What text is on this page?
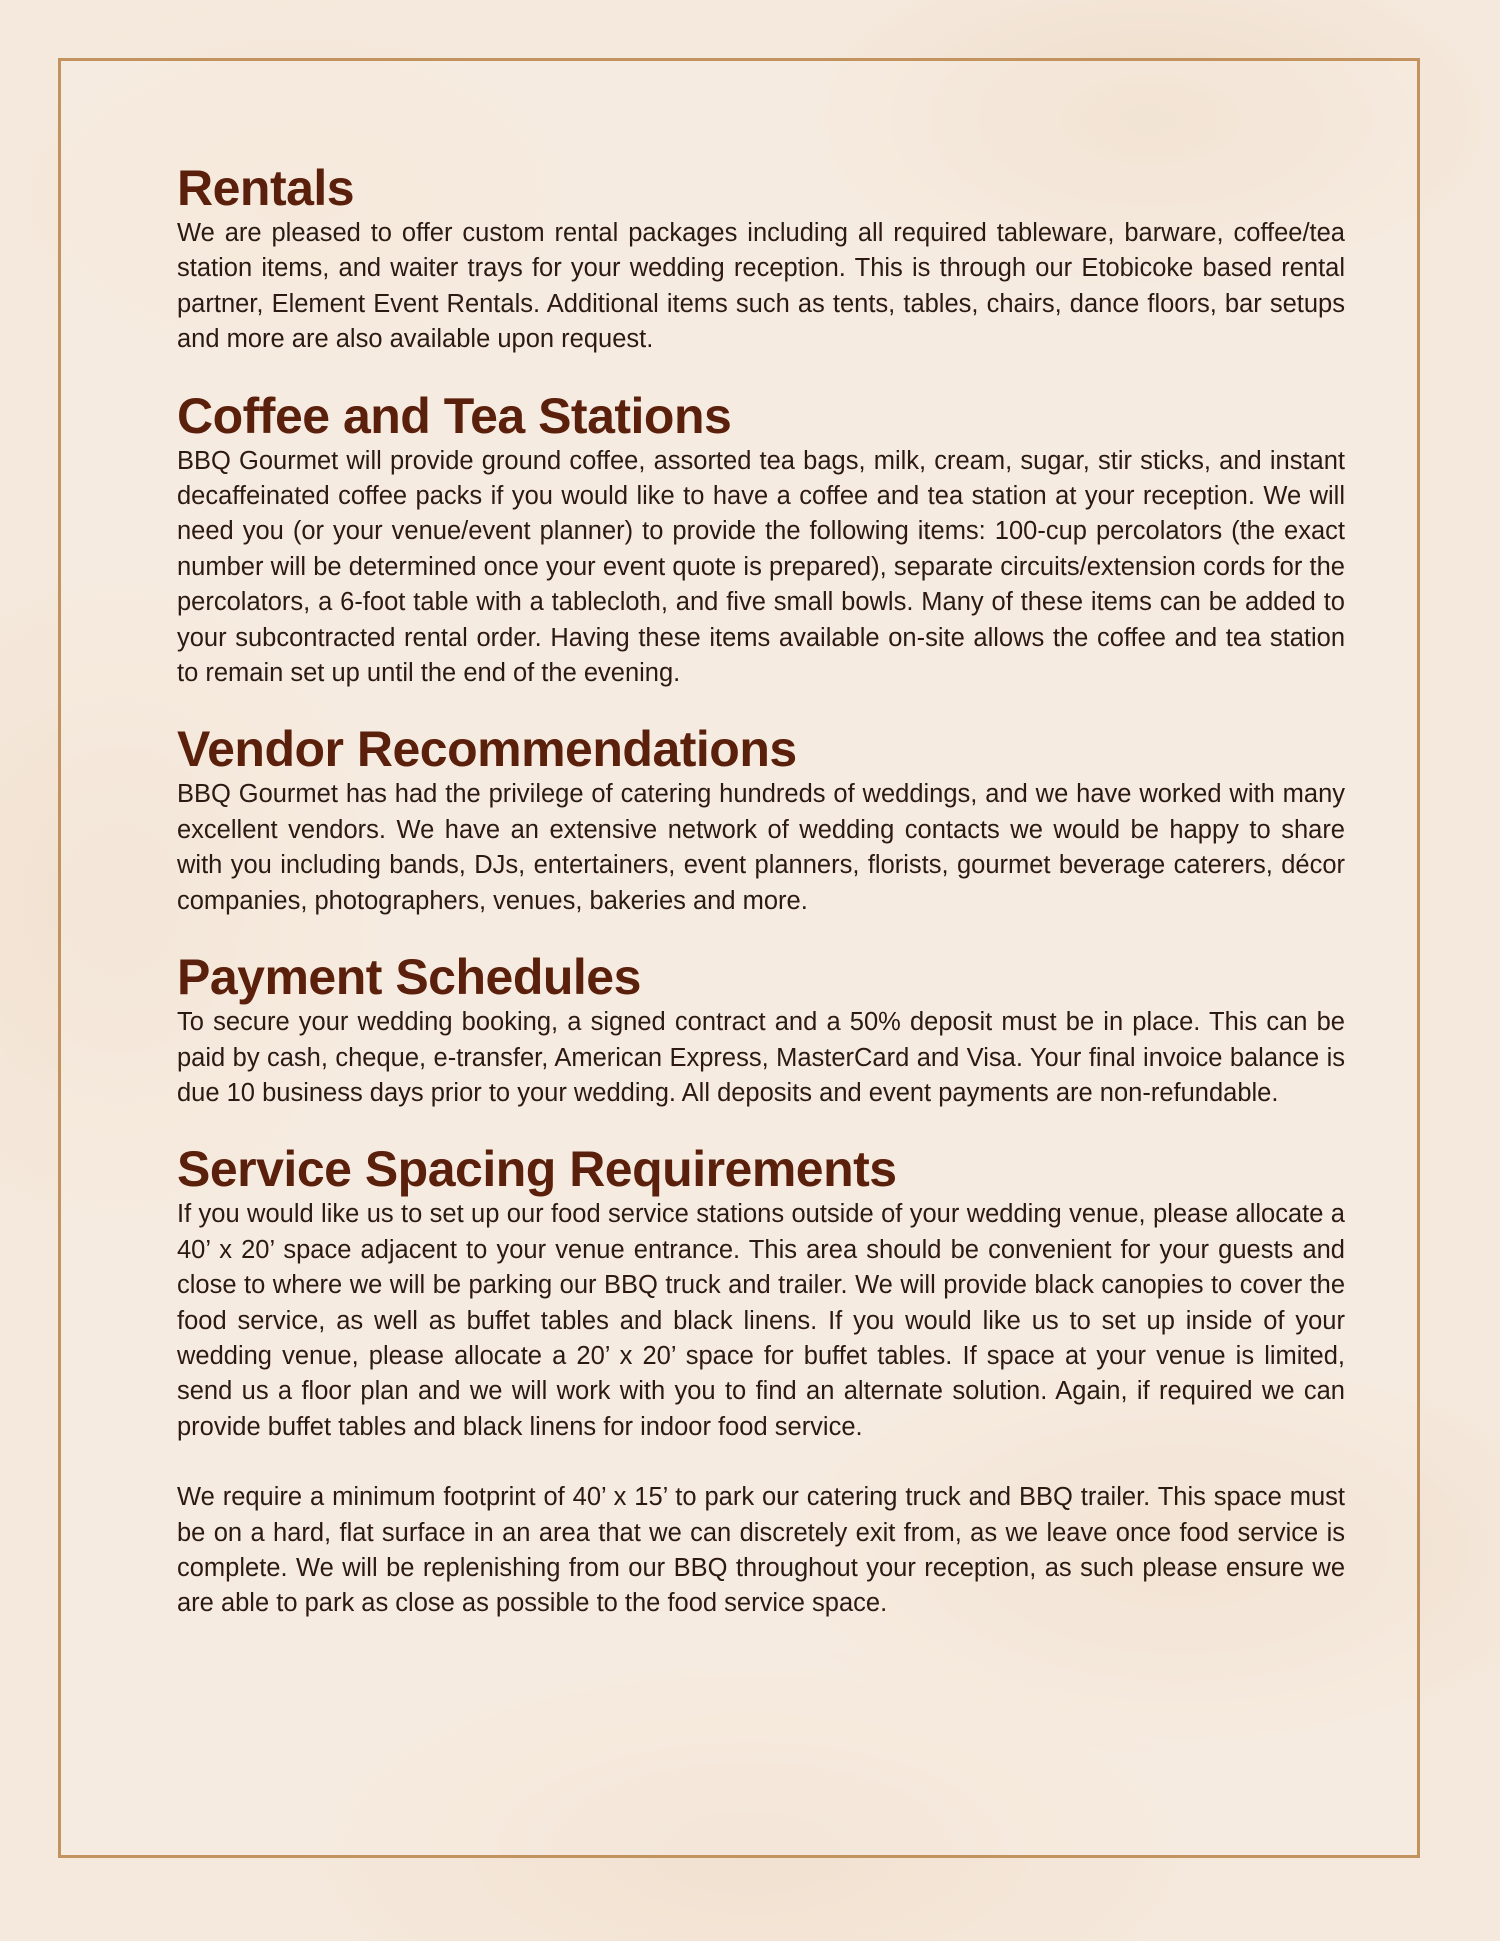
Rentals

We are pleased to offer custom rental packages including all required tableware, barware, coffee/tea station items, and waiter trays for your wedding reception. This is through our Etobicoke based rental partner, Element Event Rentals. Additional items such as tents, tables, chairs, dance floors, bar setups and more are also available upon request.

Coffee and Tea Stations

BBQ Gourmet will provide ground coffee, assorted tea bags, milk, cream, sugar, stir sticks, and instant decaffeinated coffee packs if you would like to have a coffee and tea station at your reception. We will need you (or your venue/event planner) to provide the following items: 100-cup percolators (the exact number will be determined once your event quote is prepared), separate circuits/extension cords for the percolators, a 6-foot table with a tablecloth, and five small bowls. Many of these items can be added to your subcontracted rental order. Having these items available on-site allows the coffee and tea station to remain set up until the end of the evening.

Vendor Recommendations

BBQ Gourmet has had the privilege of catering hundreds of weddings, and we have worked with many excellent vendors. We have an extensive network of wedding contacts we would be happy to share with you including bands, DJs, entertainers, event planners, florists, gourmet beverage caterers, décor companies, photographers, venues, bakeries and more.

Payment Schedules

To secure your wedding booking, a signed contract and a 50% deposit must be in place. This can be paid by cash, cheque, e-transfer, American Express, MasterCard and Visa. Your final invoice balance is due 10 business days prior to your wedding. All deposits and event payments are non-refundable.

Service Spacing Requirements

If you would like us to set up our food service stations outside of your wedding venue, please allocate a 40’ x 20’ space adjacent to your venue entrance. This area should be convenient for your guests and close to where we will be parking our BBQ truck and trailer. We will provide black canopies to cover the food service, as well as buffet tables and black linens. If you would like us to set up inside of your wedding venue, please allocate a 20’ x 20’ space for buffet tables. If space at your venue is limited, send us a floor plan and we will work with you to find an alternate solution. Again, if required we can provide buffet tables and black linens for indoor food service.

We require a minimum footprint of 40’ x 15’ to park our catering truck and BBQ trailer. This space must be on a hard, flat surface in an area that we can discretely exit from, as we leave once food service is complete. We will be replenishing from our BBQ throughout your reception, as such please ensure we are able to park as close as possible to the food service space.
